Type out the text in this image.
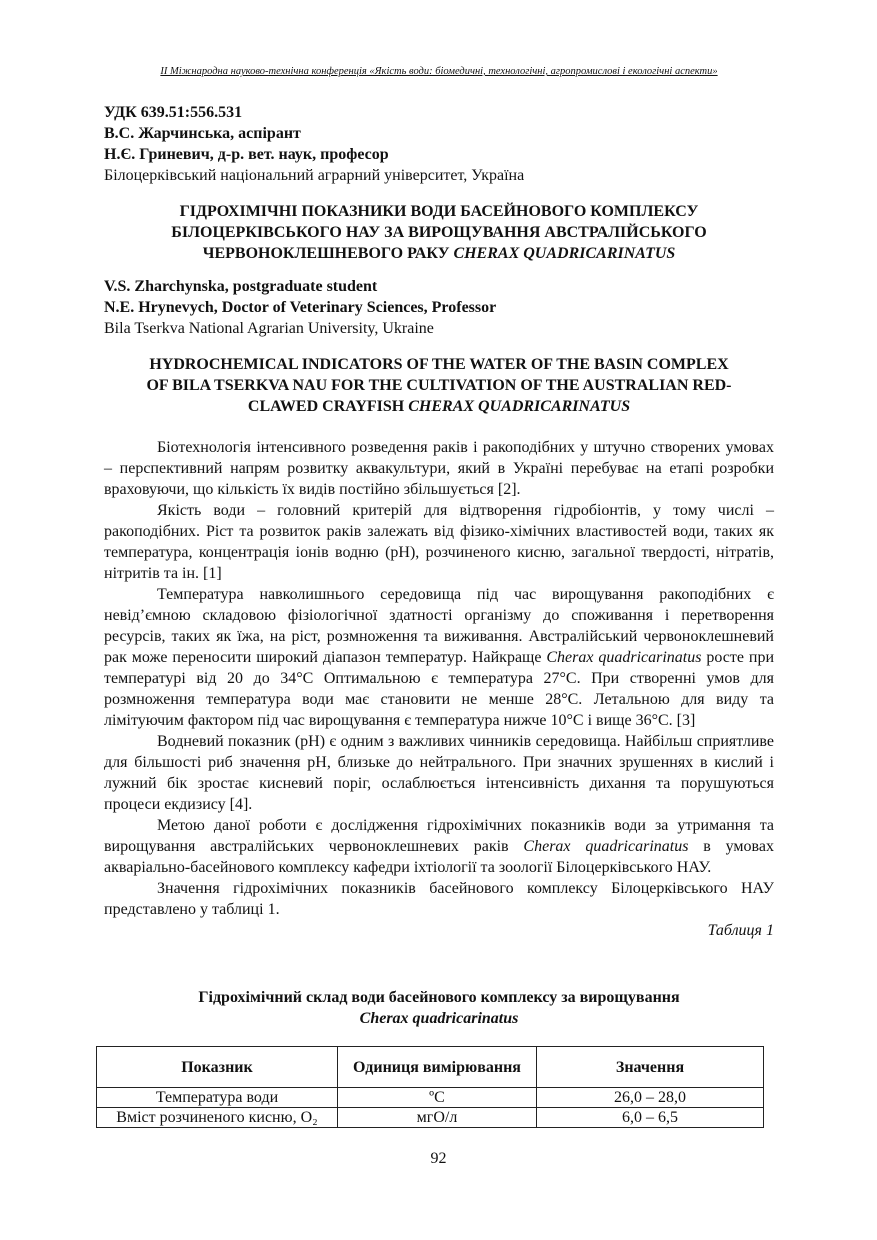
II Міжнародна науково-технічна конференція «Якість води: біомедичні, технологічні, агропромислові і екологічні аспекти»
УДК 639.51:556.531
В.С. Жарчинська, аспірант
Н.Є. Гриневич, д-р. вет. наук, професор
Білоцерківський національний аграрний університет, Україна
ГІДРОХІМІЧНІ ПОКАЗНИКИ ВОДИ БАСЕЙНОВОГО КОМПЛЕКСУ
БІЛОЦЕРКІВСЬКОГО НАУ ЗА ВИРОЩУВАННЯ АВСТРАЛІЙСЬКОГО
ЧЕРВОНОКЛЕШНЕВОГО РАКУ CHERAX QUADRICARINATUS
V.S. Zharchynska, postgraduate student
N.E. Hrynevych, Doctor of Veterinary Sciences, Professor
Bila Tserkva National Agrarian University, Ukraine
HYDROCHEMICAL INDICATORS OF THE WATER OF THE BASIN COMPLEX
OF BILA TSERKVA NAU FOR THE CULTIVATION OF THE AUSTRALIAN RED-
CLAWED CRAYFISH CHERAX QUADRICARINATUS

Біотехнологія інтенсивного розведення раків і ракоподібних у штучно створених умовах – перспективний напрям розвитку аквакультури, який в Україні перебуває на етапі розробки враховуючи, що кількість їх видів постійно збільшується [2].

Якість води – головний критерій для відтворення гідробіонтів, у тому числі – ракоподібних. Ріст та розвиток раків залежать від фізико-хімічних властивостей води, таких як температура, концентрація іонів водню (pH), розчиненого кисню, загальної твердості, нітратів, нітритів та ін. [1]

Температура навколишнього середовища під час вирощування ракоподібних є невід’ємною складовою фізіологічної здатності організму до споживання і перетворення ресурсів, таких як їжа, на ріст, розмноження та виживання. Австралійський червоноклешневий рак може переносити широкий діапазон температур. Найкраще Cherax quadricarinatus росте при температурі від 20 до 34°C Оптимальною є температура 27°C. При створенні умов для розмноження температура води має становити не менше 28°C. Летальною для виду та лімітуючим фактором під час вирощування є температура нижче 10°C і вище 36°C. [3]

Водневий показник (pH) є одним з важливих чинників середовища. Найбільш сприятливе для більшості риб значення pH, близьке до нейтрального. При значних зрушеннях в кислий і лужний бік зростає кисневий поріг, ослаблюється інтенсивність дихання та порушуються процеси екдизису [4].

Метою даної роботи є дослідження гідрохімічних показників води за утримання та вирощування австралійських червоноклешневих раків Cherax quadricarinatus в умовах акваріально-басейнового комплексу кафедри іхтіології та зоології Білоцерківського НАУ.

Значення гідрохімічних показників басейнового комплексу Білоцерківського НАУ представлено у таблиці 1.

Таблиця 1
Гідрохімічний склад води басейнового комплексу за вирощування
Cherax quadricarinatus
Показник	Одиниця вимірювання	Значення
Температура води	ºС	26,0 – 28,0
Вміст розчиненого кисню, О₂	мгО/л	6,0 – 6,5
92
